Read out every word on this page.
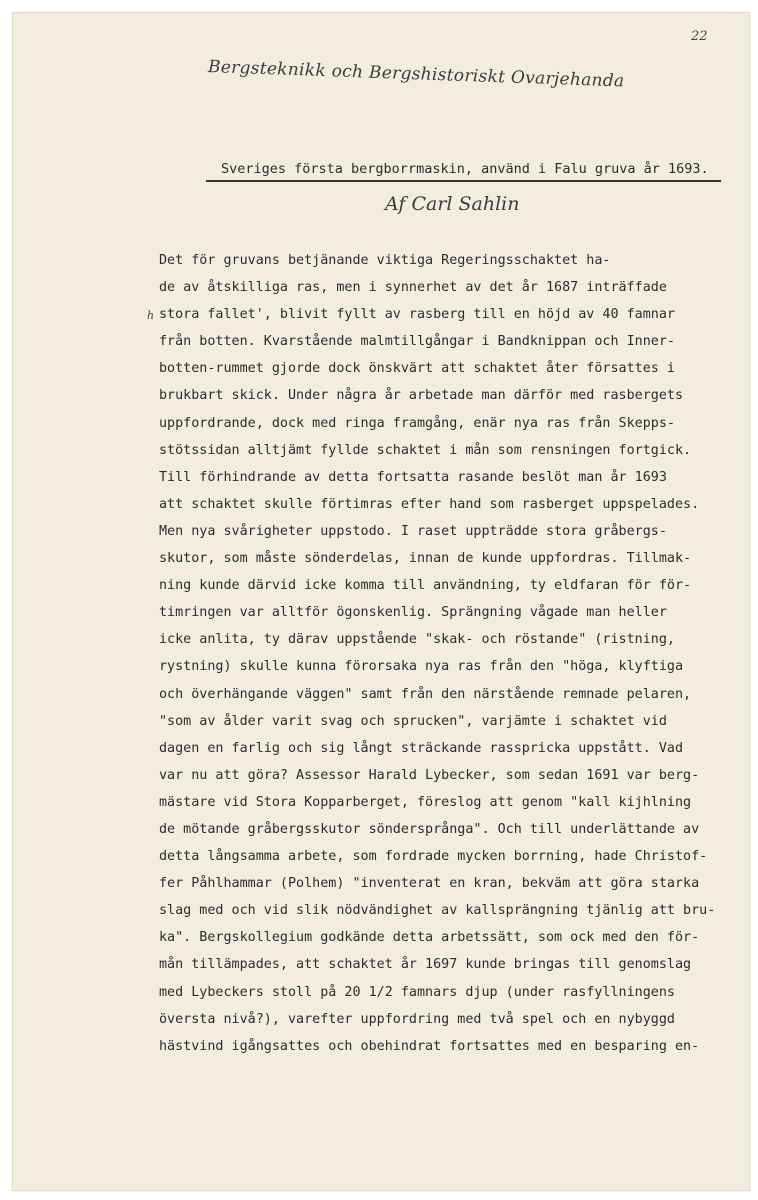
22
Bergsteknikk och Bergshistoriskt Ovarjehanda
Sveriges första bergborrmaskin, använd i Falu gruva år 1693.
Af Carl Sahlin
h
Det för gruvans betjänande viktiga Regeringsschaktet ha-
de av åtskilliga ras, men i synnerhet av det år 1687 inträffade
stora fallet', blivit fyllt av rasberg till en höjd av 40 famnar
från botten. Kvarstående malmtillgångar i Bandknippan och Inner-
botten-rummet gjorde dock önskvärt att schaktet åter försattes i
brukbart skick. Under några år arbetade man därför med rasbergets
uppfordrande, dock med ringa framgång, enär nya ras från Skepps-
stötssidan alltjämt fyllde schaktet i mån som rensningen fortgick.
Till förhindrande av detta fortsatta rasande beslöt man år 1693
att schaktet skulle förtimras efter hand som rasberget uppspelades.
Men nya svårigheter uppstodo. I raset uppträdde stora gråbergs-
skutor, som måste sönderdelas, innan de kunde uppfordras. Tillmak-
ning kunde därvid icke komma till användning, ty eldfaran för för-
timringen var alltför ögonskenlig. Sprängning vågade man heller
icke anlita, ty därav uppstående "skak- och röstande" (ristning,
rystning) skulle kunna förorsaka nya ras från den "höga, klyftiga
och överhängande väggen" samt från den närstående remnade pelaren,
"som av ålder varit svag och sprucken", varjämte i schaktet vid
dagen en farlig och sig långt sträckande rasspricka uppstått. Vad
var nu att göra? Assessor Harald Lybecker, som sedan 1691 var berg-
mästare vid Stora Kopparberget, föreslog att genom "kall kijhlning
de mötande gråbergsskutor söndersprånga". Och till underlättande av
detta långsamma arbete, som fordrade mycken borrning, hade Christof-
fer Påhlhammar (Polhem) "inventerat en kran, bekväm att göra starka
slag med och vid slik nödvändighet av kallsprängning tjänlig att bru-
ka". Bergskollegium godkände detta arbetssätt, som ock med den för-
mån tillämpades, att schaktet år 1697 kunde bringas till genomslag
med Lybeckers stoll på 20 1/2 famnars djup (under rasfyllningens
översta nivå?), varefter uppfordring med två spel och en nybyggd
hästvind igångsattes och obehindrat fortsattes med en besparing en-
